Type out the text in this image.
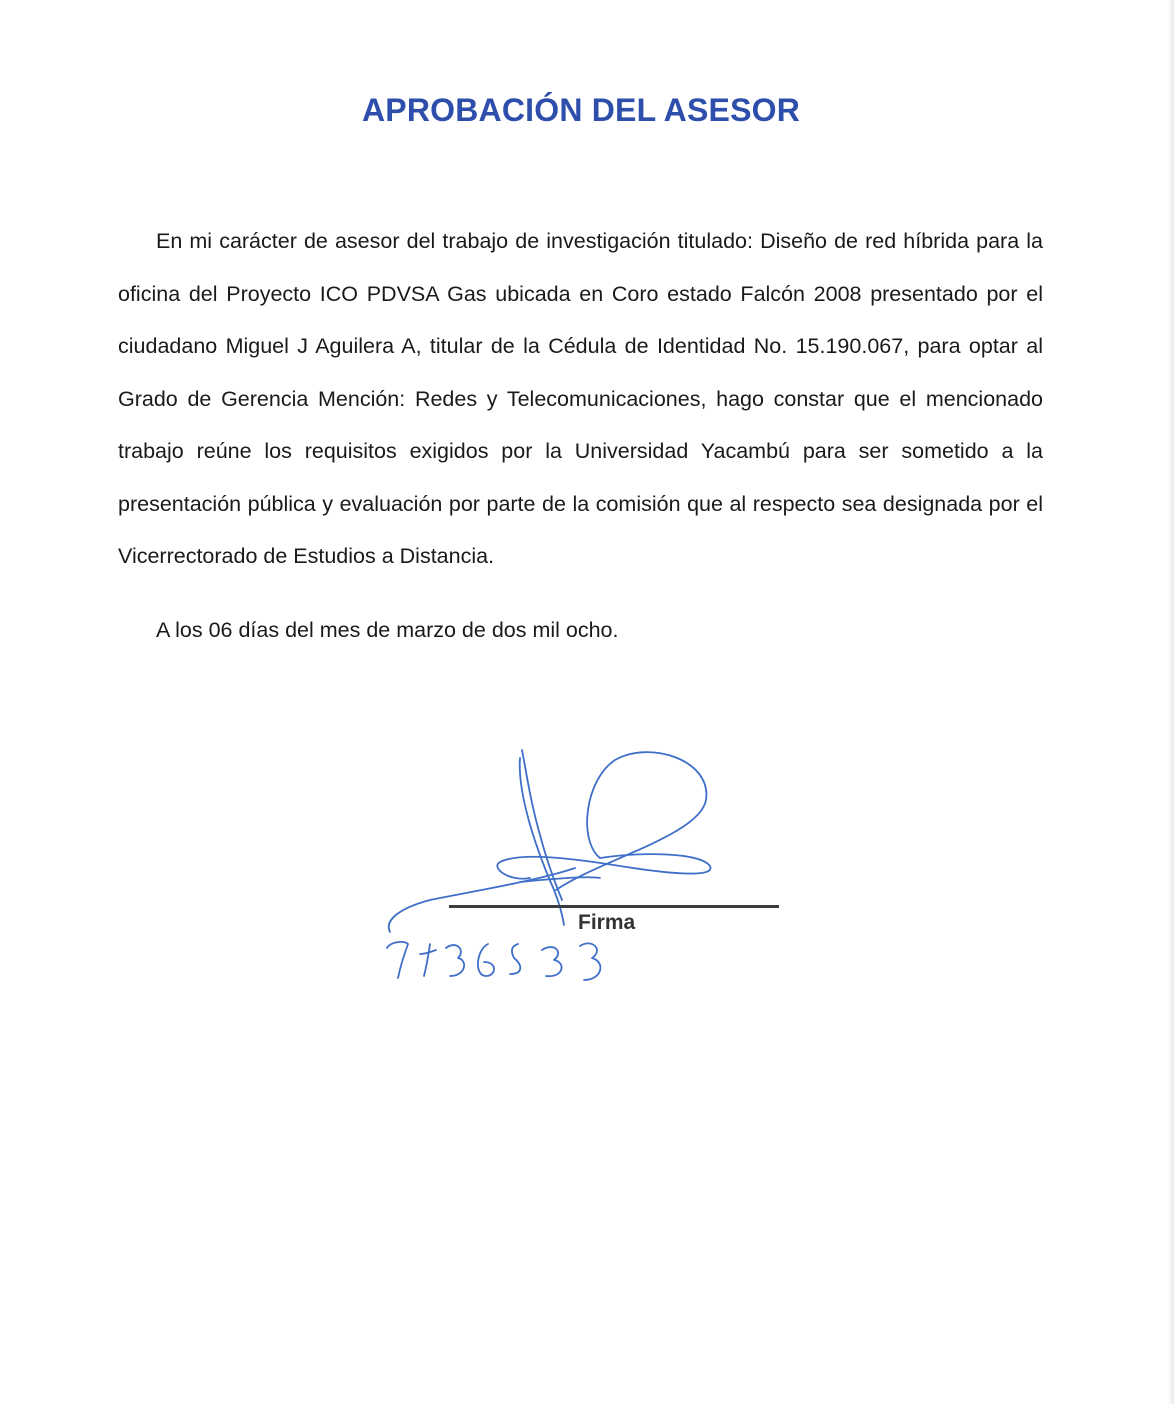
APROBACIÓN DEL ASESOR

En mi carácter de asesor del trabajo de investigación titulado: Diseño de red híbrida para la oficina del Proyecto ICO PDVSA Gas ubicada en Coro estado Falcón 2008 presentado por el ciudadano Miguel J Aguilera A, titular de la Cédula de Identidad No. 15.190.067, para optar al Grado de Gerencia Mención: Redes y Telecomunicaciones, hago constar que el mencionado trabajo reúne los requisitos exigidos por la Universidad Yacambú para ser sometido a la presentación pública y evaluación por parte de la comisión que al respecto sea designada por el Vicerrectorado de Estudios a Distancia.

A los 06 días del mes de marzo de dos mil ocho.

Firma
